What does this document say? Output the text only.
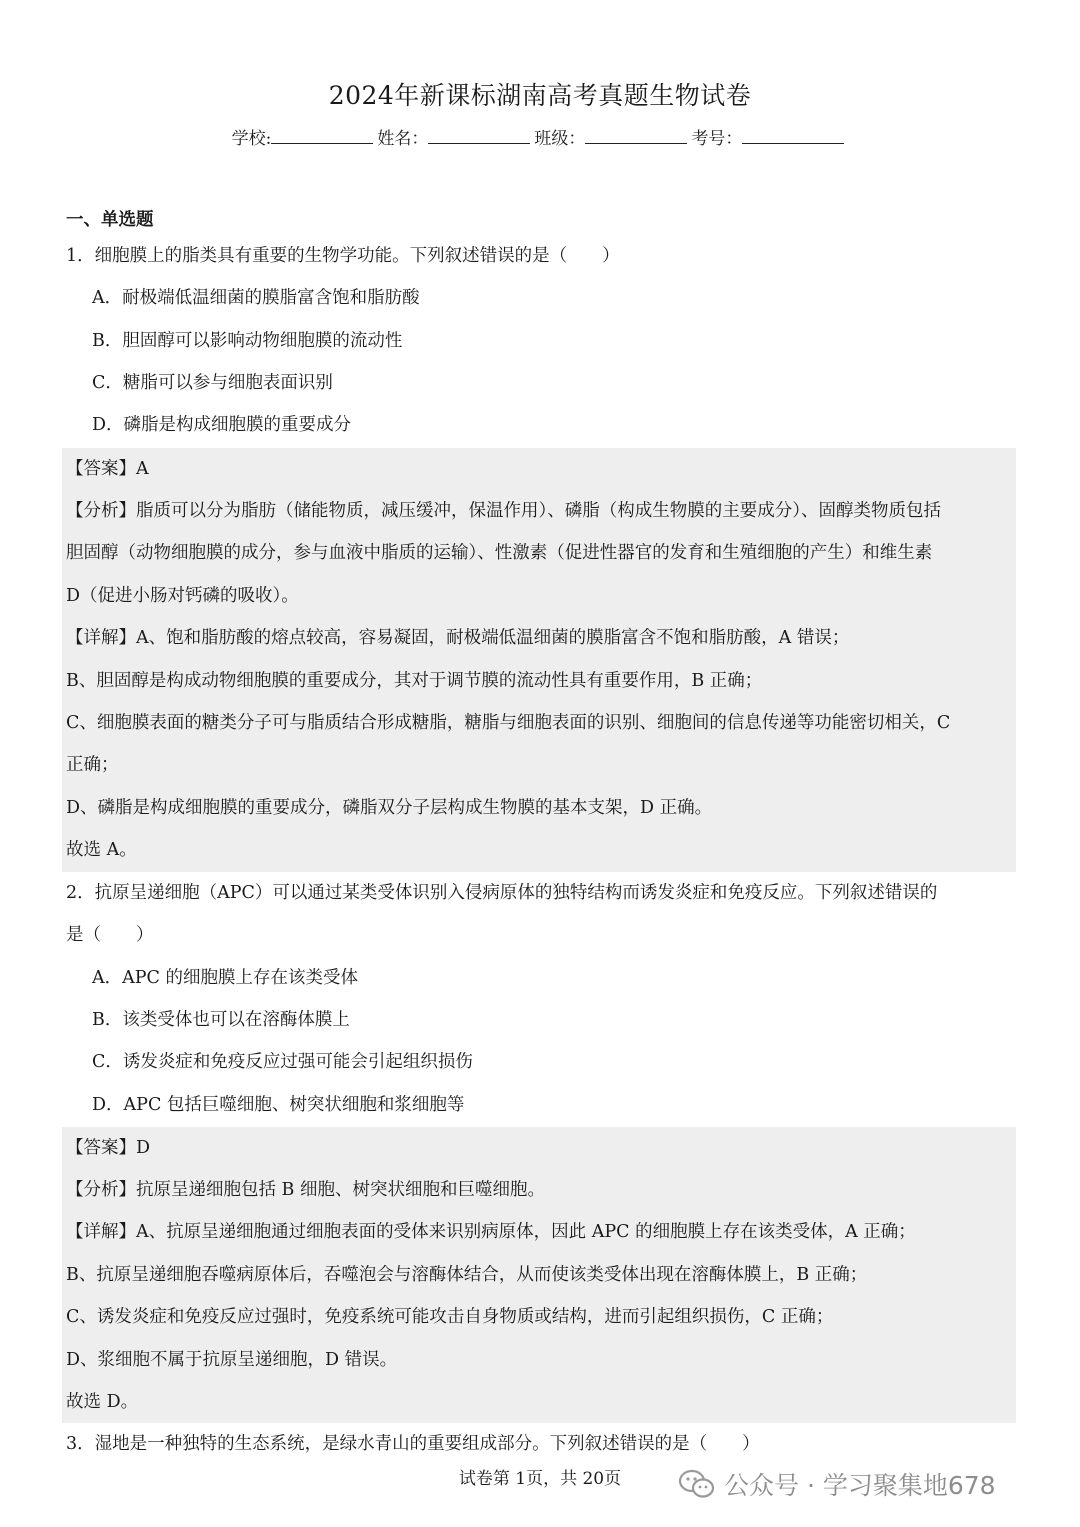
2024年新课标湖南高考真题生物试卷
学校:	姓名：	班级：	考号：
一、单选题
1．细胞膜上的脂类具有重要的生物学功能。下列叙述错误的是（　　）
A．耐极端低温细菌的膜脂富含饱和脂肪酸
B．胆固醇可以影响动物细胞膜的流动性
C．糖脂可以参与细胞表面识别
D．磷脂是构成细胞膜的重要成分
【答案】A
【分析】脂质可以分为脂肪（储能物质，减压缓冲，保温作用）、磷脂（构成生物膜的主要成分）、固醇类物质包括
胆固醇（动物细胞膜的成分，参与血液中脂质的运输）、性激素（促进性器官的发育和生殖细胞的产生）和维生素
D（促进小肠对钙磷的吸收）。
【详解】A、饱和脂肪酸的熔点较高，容易凝固，耐极端低温细菌的膜脂富含不饱和脂肪酸，A 错误；
B、胆固醇是构成动物细胞膜的重要成分，其对于调节膜的流动性具有重要作用，B 正确；
C、细胞膜表面的糖类分子可与脂质结合形成糖脂，糖脂与细胞表面的识别、细胞间的信息传递等功能密切相关，C
正确；
D、磷脂是构成细胞膜的重要成分，磷脂双分子层构成生物膜的基本支架，D 正确。
故选 A。
2．抗原呈递细胞（APC）可以通过某类受体识别入侵病原体的独特结构而诱发炎症和免疫反应。下列叙述错误的
是（　　）
A．APC 的细胞膜上存在该类受体
B．该类受体也可以在溶酶体膜上
C．诱发炎症和免疫反应过强可能会引起组织损伤
D．APC 包括巨噬细胞、树突状细胞和浆细胞等
【答案】D
【分析】抗原呈递细胞包括 B 细胞、树突状细胞和巨噬细胞。
【详解】A、抗原呈递细胞通过细胞表面的受体来识别病原体，因此 APC 的细胞膜上存在该类受体，A 正确；
B、抗原呈递细胞吞噬病原体后，吞噬泡会与溶酶体结合，从而使该类受体出现在溶酶体膜上，B 正确；
C、诱发炎症和免疫反应过强时，免疫系统可能攻击自身物质或结构，进而引起组织损伤，C 正确；
D、浆细胞不属于抗原呈递细胞，D 错误。
故选 D。
3．湿地是一种独特的生态系统，是绿水青山的重要组成部分。下列叙述错误的是（　　）
试卷第 1页，共 20页	公众号 · 学习聚集地678
